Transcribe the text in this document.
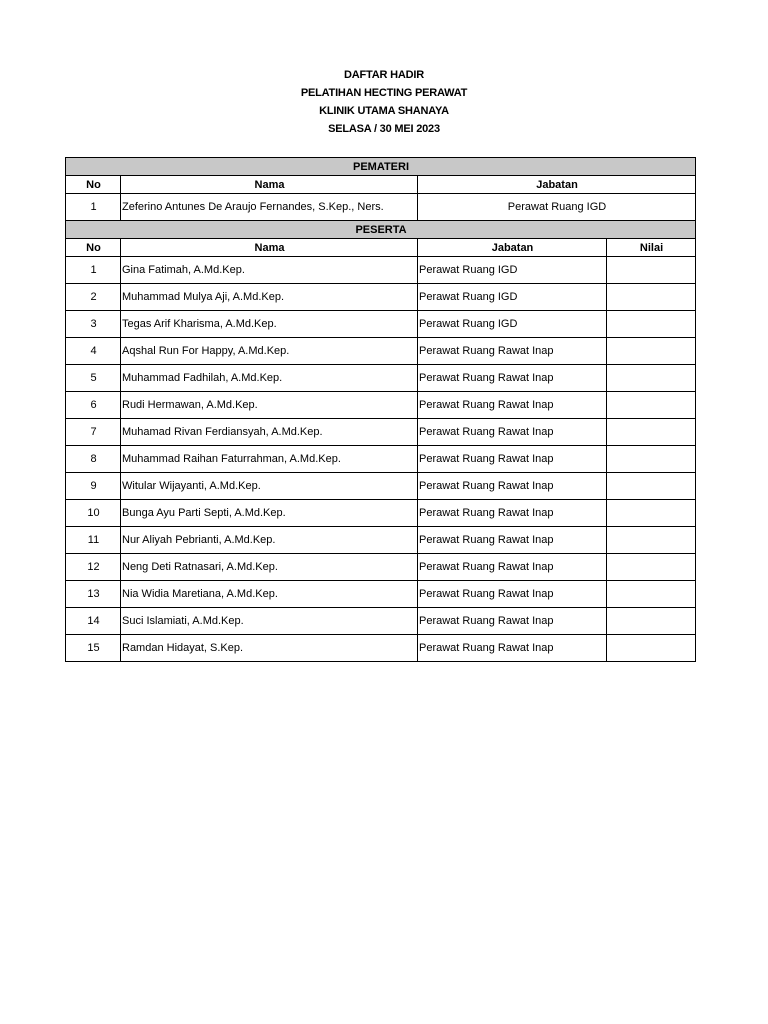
DAFTAR HADIR
PELATIHAN HECTING PERAWAT
KLINIK UTAMA SHANAYA
SELASA / 30 MEI 2023
PEMATERI			
No	Nama	Jabatan	
1	Zeferino Antunes De Araujo Fernandes, S.Kep., Ners.	Perawat Ruang IGD	
PESERTA			
No	Nama	Jabatan	Nilai
1	Gina Fatimah, A.Md.Kep.	Perawat Ruang IGD	
2	Muhammad Mulya Aji, A.Md.Kep.	Perawat Ruang IGD	
3	Tegas Arif Kharisma, A.Md.Kep.	Perawat Ruang IGD	
4	Aqshal Run For Happy, A.Md.Kep.	Perawat Ruang Rawat Inap	
5	Muhammad Fadhilah, A.Md.Kep.	Perawat Ruang Rawat Inap	
6	Rudi Hermawan, A.Md.Kep.	Perawat Ruang Rawat Inap	
7	Muhamad Rivan Ferdiansyah, A.Md.Kep.	Perawat Ruang Rawat Inap	
8	Muhammad Raihan Faturrahman, A.Md.Kep.	Perawat Ruang Rawat Inap	
9	Witular Wijayanti, A.Md.Kep.	Perawat Ruang Rawat Inap	
10	Bunga Ayu Parti Septi, A.Md.Kep.	Perawat Ruang Rawat Inap	
11	Nur Aliyah Pebrianti, A.Md.Kep.	Perawat Ruang Rawat Inap	
12	Neng Deti Ratnasari, A.Md.Kep.	Perawat Ruang Rawat Inap	
13	Nia Widia Maretiana, A.Md.Kep.	Perawat Ruang Rawat Inap	
14	Suci Islamiati, A.Md.Kep.	Perawat Ruang Rawat Inap	
15	Ramdan Hidayat, S.Kep.	Perawat Ruang Rawat Inap	
